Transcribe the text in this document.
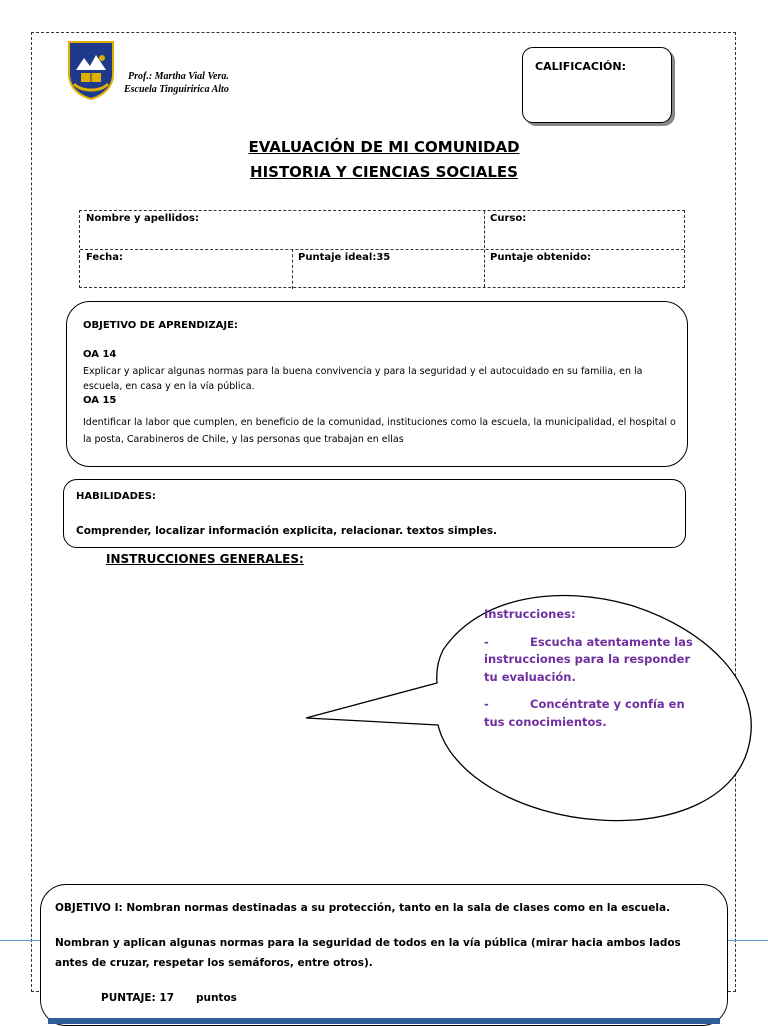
Prof.: Martha Vial Vera.
Escuela Tinguiririca Alto
CALIFICACIÓN:
EVALUACIÓN DE MI COMUNIDAD
HISTORIA Y CIENCIAS SOCIALES
Nombre y apellidos:	Curso:
Fecha:	Puntaje ideal:35	Puntaje obtenido:
OBJETIVO DE APRENDIZAJE:
OA 14
Explicar y aplicar algunas normas para la buena convivencia y para la seguridad y el autocuidado en su familia, en la escuela, en casa y en la vía pública.
OA 15
Identificar la labor que cumplen, en beneficio de la comunidad, instituciones como la escuela, la municipalidad, el hospital o la posta, Carabineros de Chile, y las personas que trabajan en ellas
HABILIDADES:
Comprender, localizar información explicita, relacionar. textos simples.
INSTRUCCIONES GENERALES:

Instrucciones:

-	Escucha atentamente las instrucciones para la responder tu evaluación.

-	Concéntrate y confía en tus conocimientos.

OBJETIVO I: Nombran normas destinadas a su protección, tanto en la sala de clases como en la escuela.
Nombran y aplican algunas normas para la seguridad de todos en la vía pública (mirar hacia ambos lados antes de cruzar, respetar los semáforos, entre otros).
PUNTAJE: 17 puntos
